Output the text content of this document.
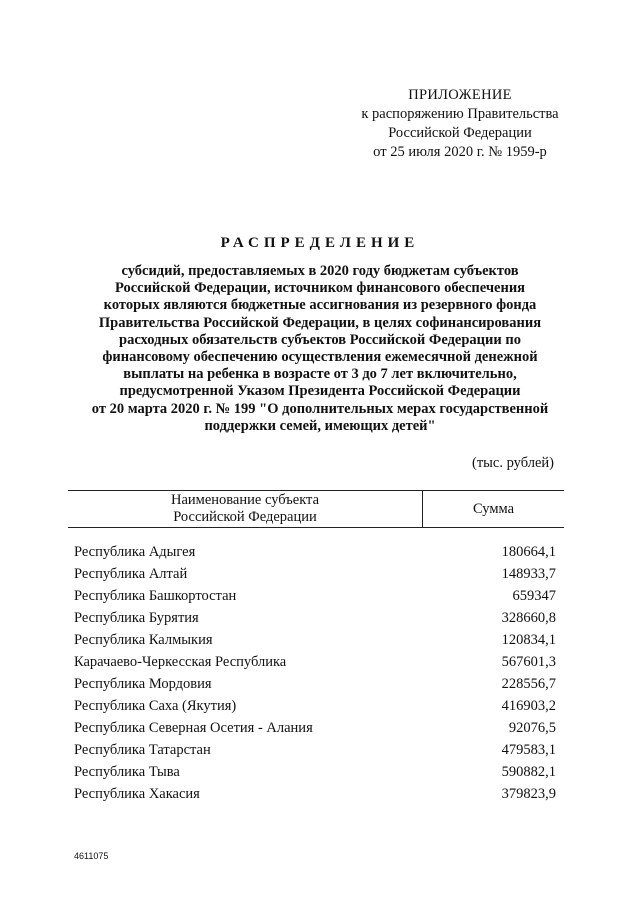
ПРИЛОЖЕНИЕ
к распоряжению Правительства
Российской Федерации
от 25 июля 2020 г. № 1959-р
РАСПРЕДЕЛЕНИЕ
субсидий, предоставляемых в 2020 году бюджетам субъектов
Российской Федерации, источником финансового обеспечения
которых являются бюджетные ассигнования из резервного фонда
Правительства Российской Федерации, в целях софинансирования
расходных обязательств субъектов Российской Федерации по
финансовому обеспечению осуществления ежемесячной денежной
выплаты на ребенка в возрасте от 3 до 7 лет включительно,
предусмотренной Указом Президента Российской Федерации
от 20 марта 2020 г. № 199 "О дополнительных мерах государственной
поддержки семей, имеющих детей"
(тыс. рублей)
Наименование субъекта
Российской Федерации	Сумма
Республика Адыгея	180664,1
Республика Алтай	148933,7
Республика Башкортостан	659347
Республика Бурятия	328660,8
Республика Калмыкия	120834,1
Карачаево-Черкесская Республика	567601,3
Республика Мордовия	228556,7
Республика Саха (Якутия)	416903,2
Республика Северная Осетия - Алания	92076,5
Республика Татарстан	479583,1
Республика Тыва	590882,1
Республика Хакасия	379823,9
4611075
